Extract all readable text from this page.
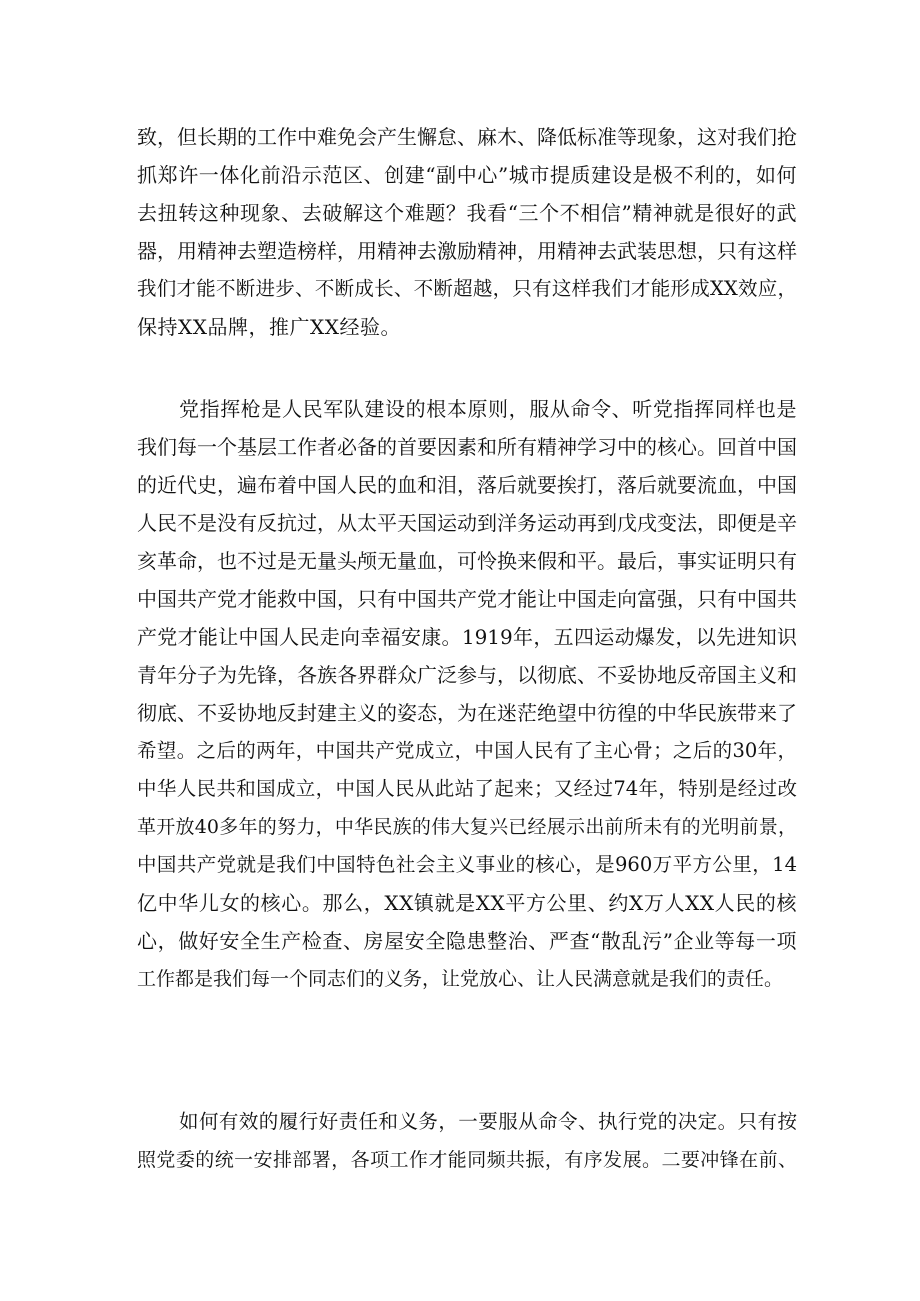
致，但长期的工作中难免会产生懈怠、麻木、降低标准等现象，这对我们抢
抓郑许一体化前沿示范区、创建“副中心”城市提质建设是极不利的，如何
去扭转这种现象、去破解这个难题？我看“三个不相信”精神就是很好的武
器，用精神去塑造榜样，用精神去激励精神，用精神去武装思想，只有这样
我们才能不断进步、不断成长、不断超越，只有这样我们才能形成XX效应，
保持XX品牌，推广XX经验。
党指挥枪是人民军队建设的根本原则，服从命令、听党指挥同样也是
我们每一个基层工作者必备的首要因素和所有精神学习中的核心。回首中国
的近代史，遍布着中国人民的血和泪，落后就要挨打，落后就要流血，中国
人民不是没有反抗过，从太平天国运动到洋务运动再到戊戌变法，即便是辛
亥革命，也不过是无量头颅无量血，可怜换来假和平。最后，事实证明只有
中国共产党才能救中国，只有中国共产党才能让中国走向富强，只有中国共
产党才能让中国人民走向幸福安康。1919年，五四运动爆发，以先进知识
青年分子为先锋，各族各界群众广泛参与，以彻底、不妥协地反帝国主义和
彻底、不妥协地反封建主义的姿态，为在迷茫绝望中彷徨的中华民族带来了
希望。之后的两年，中国共产党成立，中国人民有了主心骨；之后的30年，
中华人民共和国成立，中国人民从此站了起来；又经过74年，特别是经过改
革开放40多年的努力，中华民族的伟大复兴已经展示出前所未有的光明前景，
中国共产党就是我们中国特色社会主义事业的核心，是960万平方公里，14
亿中华儿女的核心。那么，XX镇就是XX平方公里、约X万人XX人民的核
心，做好安全生产检查、房屋安全隐患整治、严查“散乱污”企业等每一项
工作都是我们每一个同志们的义务，让党放心、让人民满意就是我们的责任。
如何有效的履行好责任和义务，一要服从命令、执行党的决定。只有按
照党委的统一安排部署，各项工作才能同频共振，有序发展。二要冲锋在前、
